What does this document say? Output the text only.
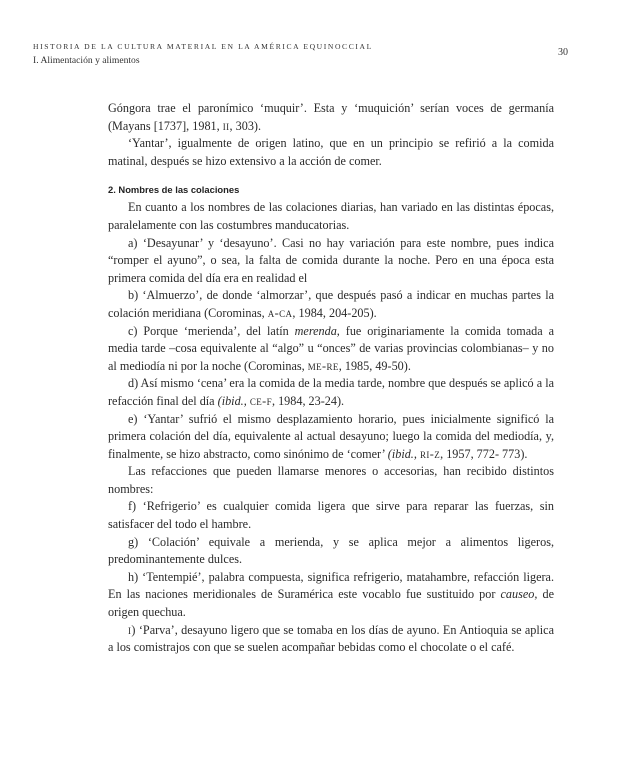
HISTORIA DE LA CULTURA MATERIAL EN LA AMÉRICA EQUINOCCIAL
I. Alimentación y alimentos
30

Góngora trae el paronímico ‘muquir’. Esta y ‘muquición’ serían voces de germanía (Mayans [1737], 1981, ii, 303).

‘Yantar’, igualmente de origen latino, que en un principio se refirió a la comida matinal, después se hizo extensivo a la acción de comer.

2. Nombres de las colaciones

En cuanto a los nombres de las colaciones diarias, han variado en las distintas épocas, paralelamente con las costumbres manducatorias.

a) ‘Desayunar’ y ‘desayuno’. Casi no hay variación para este nombre, pues indica “romper el ayuno”, o sea, la falta de comida durante la noche. Pero en una época esta primera comida del día era en realidad el

b) ‘Almuerzo’, de donde ‘almorzar’, que después pasó a indicar en muchas partes la colación meridiana (Corominas, a-ca, 1984, 204-205).

c) Porque ‘merienda’, del latín merenda, fue originariamente la comida tomada a media tarde –cosa equivalente al “algo” u “onces” de varias provincias colombianas– y no al mediodía ni por la noche (Corominas, me-re, 1985, 49-50).

d) Así mismo ‘cena’ era la comida de la media tarde, nombre que después se aplicó a la refacción final del día (ibid., ce-f, 1984, 23-24).

e) ‘Yantar’ sufrió el mismo desplazamiento horario, pues inicialmente significó la primera colación del día, equivalente al actual desayuno; luego la comida del mediodía, y, finalmente, se hizo abstracto, como sinónimo de ‘comer’ (ibid., ri-z, 1957, 772- 773).

Las refacciones que pueden llamarse menores o accesorias, han recibido distintos nombres:

f) ‘Refrigerio’ es cualquier comida ligera que sirve para reparar las fuerzas, sin satisfacer del todo el hambre.

g) ‘Colación’ equivale a merienda, y se aplica mejor a alimentos ligeros, predominantemente dulces.

h) ‘Tentempié’, palabra compuesta, significa refrigerio, matahambre, refacción ligera. En las naciones meridionales de Suramérica este vocablo fue sustituido por causeo, de origen quechua.

i) ‘Parva’, desayuno ligero que se tomaba en los días de ayuno. En Antioquia se aplica a los comistrajos con que se suelen acompañar bebidas como el chocolate o el café.
